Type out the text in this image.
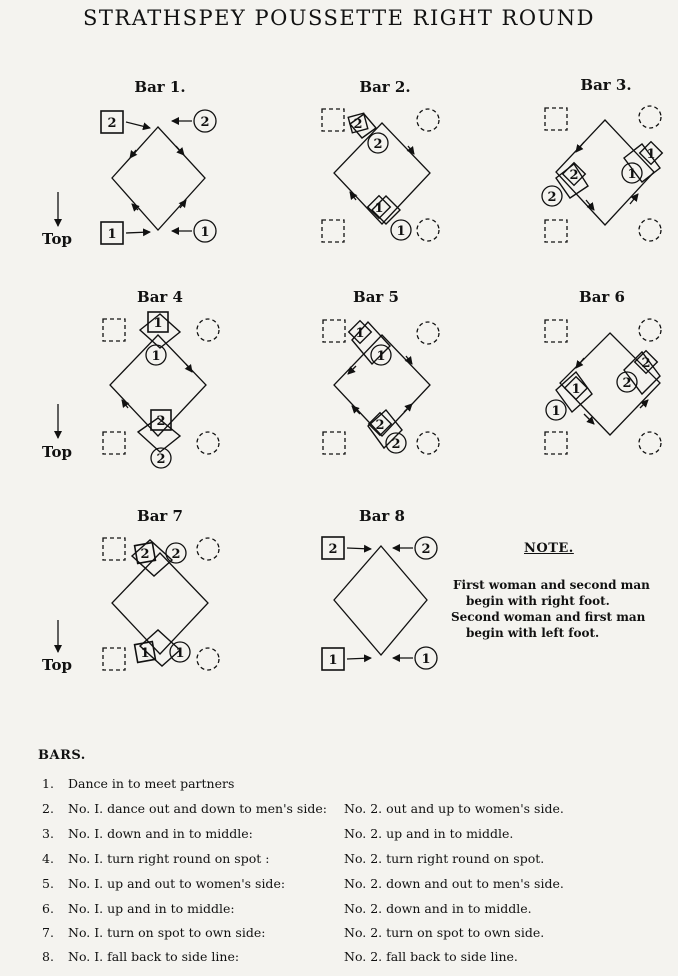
STRATHSPEY POUSSETTE RIGHT ROUND
Bar 1.	Bar 2.	Bar 3.
Bar 4	Bar 5	Bar 6
Bar 7	Bar 8
Top
Top
Top
2	2
1	1
2
2
1
1
1
1
2
2
1
1
2
2
1
1
2
2
2
2
1
1
2 2
1 1
2	2
1	1
NOTE.
First woman and second man
begin with right foot.
Second woman and first man
begin with left foot.
BARS.
1. Dance in to meet partners
2. No. I. dance out and down to men's side: No. 2. out and up to women's side.
3. No. I. down and in to middle:	No. 2. up and in to middle.
4. No. I. turn right round on spot :	No. 2. turn right round on spot.
5. No. I. up and out to women's side:	No. 2. down and out to men's side.
6. No. I. up and in to middle:	No. 2. down and in to middle.
7. No. I. turn on spot to own side:	No. 2. turn on spot to own side.
8. No. I. fall back to side line:	No. 2. fall back to side line.
